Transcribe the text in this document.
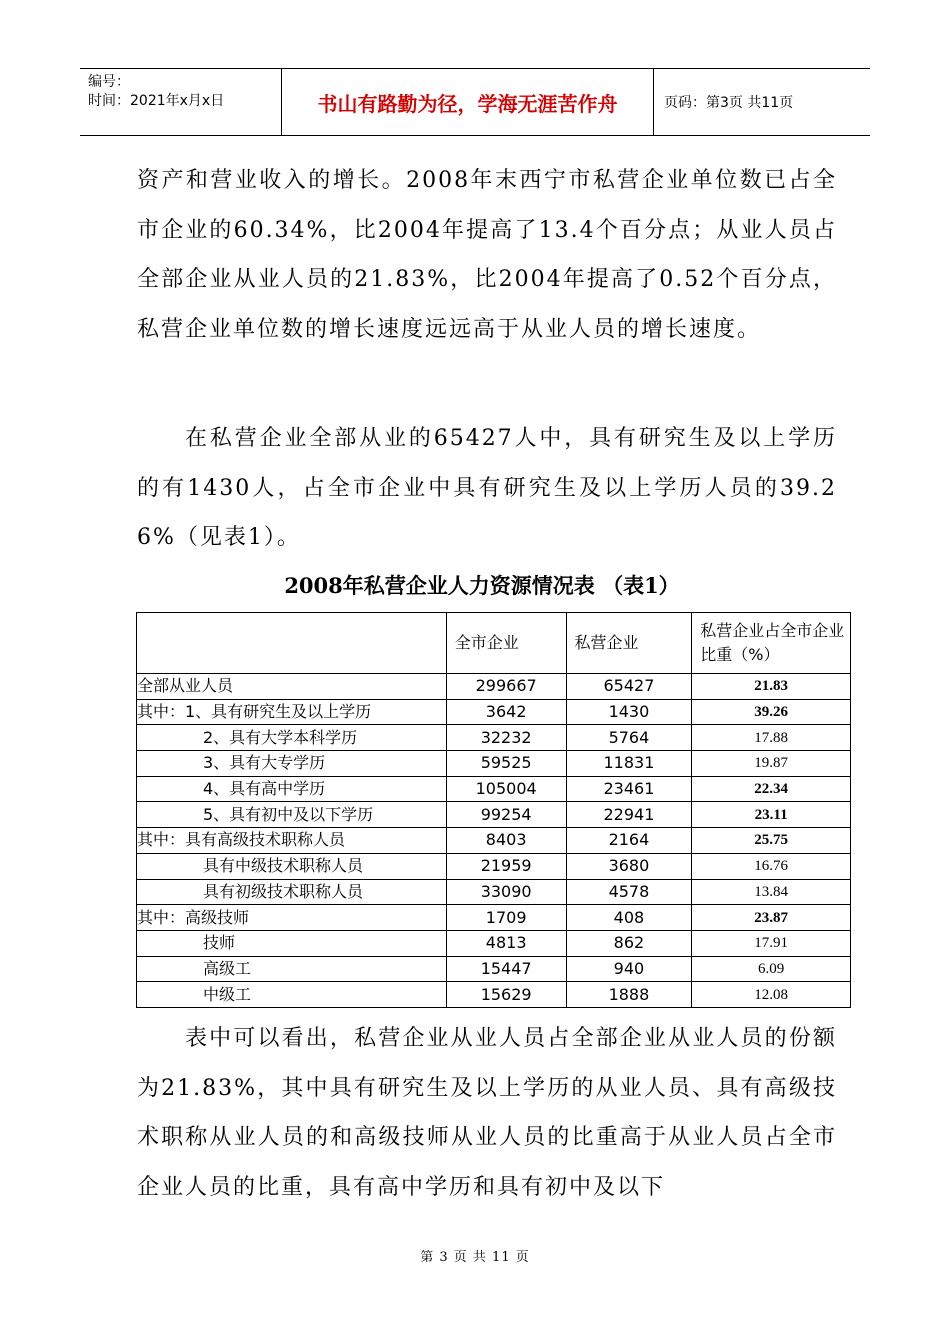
编号：
时间：2021年x月x日	书山有路勤为径，学海无涯苦作舟	页码：第3页 共11页

资产和营业收入的增长。2008年末西宁市私营企业单位数已占全市企业的60.34%，比2004年提高了13.4个百分点；从业人员占全部企业从业人员的21.83%，比2004年提高了0.52个百分点，私营企业单位数的增长速度远远高于从业人员的增长速度。

在私营企业全部从业的65427人中，具有研究生及以上学历的有1430人，占全市企业中具有研究生及以上学历人员的39.26%（见表1）。

2008年私营企业人力资源情况表 （表1）
	全市企业	私营企业	私营企业占全市企业比重（%）
全部从业人员	299667	65427	21.83
其中：1、具有研究生及以上学历	3642	1430	39.26
2、具有大学本科学历	32232	5764	17.88
3、具有大专学历	59525	11831	19.87
4、具有高中学历	105004	23461	22.34
5、具有初中及以下学历	99254	22941	23.11
其中：具有高级技术职称人员	8403	2164	25.75
具有中级技术职称人员	21959	3680	16.76
具有初级技术职称人员	33090	4578	13.84
其中：高级技师	1709	408	23.87
技师	4813	862	17.91
高级工	15447	940	6.09
中级工	15629	1888	12.08

表中可以看出，私营企业从业人员占全部企业从业人员的份额为21.83%，其中具有研究生及以上学历的从业人员、具有高级技术职称从业人员的和高级技师从业人员的比重高于从业人员占全市企业人员的比重，具有高中学历和具有初中及以下

第 3 页 共 11 页
